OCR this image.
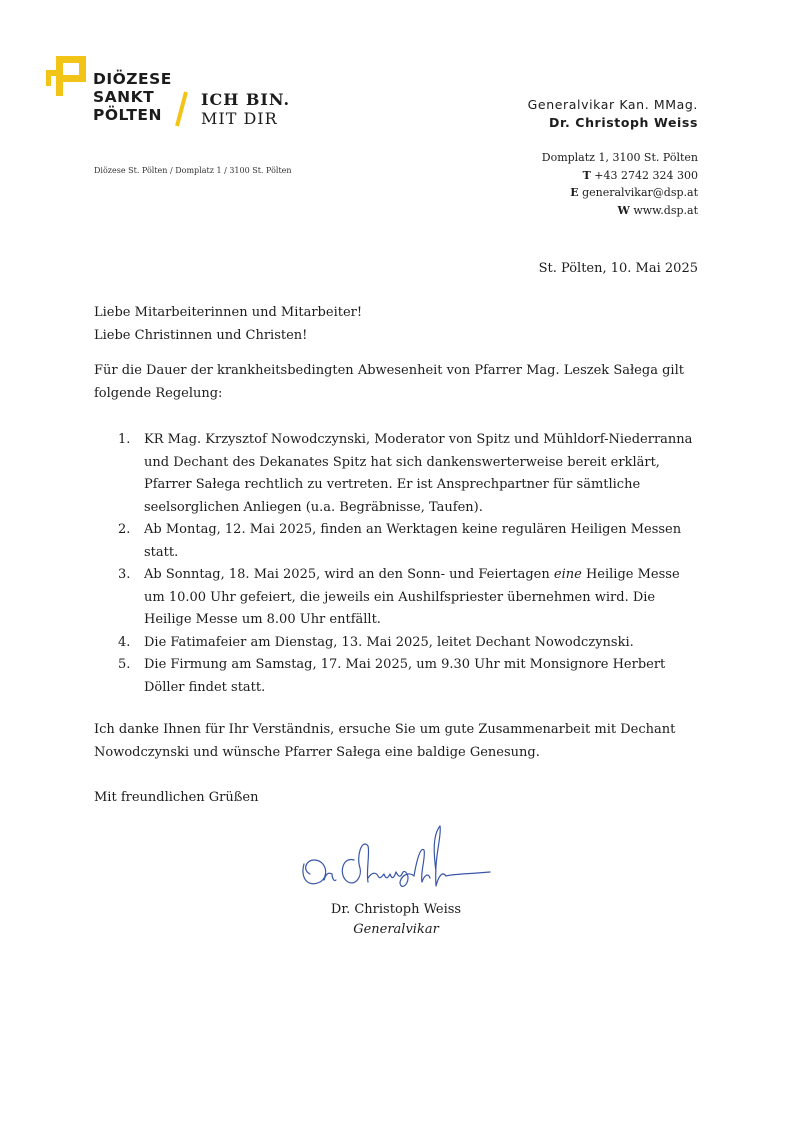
DIÖZESE
SANKT
PÖLTEN
ICH BIN.
MIT DIR
Diözese St. Pölten / Domplatz 1 / 3100 St. Pölten
Generalvikar Kan. MMag.
Dr. Christoph Weiss
Domplatz 1, 3100 St. Pölten
T +43 2742 324 300
E generalvikar@dsp.at
W www.dsp.at
St. Pölten, 10. Mai 2025
Liebe Mitarbeiterinnen und Mitarbeiter!
Liebe Christinnen und Christen!
Für die Dauer der krankheitsbedingten Abwesenheit von Pfarrer Mag. Leszek Sałega gilt folgende Regelung:
1. KR Mag. Krzysztof Nowodczynski, Moderator von Spitz und Mühldorf-Niederranna und Dechant des Dekanates Spitz hat sich dankenswerterweise bereit erklärt, Pfarrer Sałega rechtlich zu vertreten. Er ist Ansprechpartner für sämtliche seelsorglichen Anliegen (u.a. Begräbnisse, Taufen).
2. Ab Montag, 12. Mai 2025, finden an Werktagen keine regulären Heiligen Messen statt.
3. Ab Sonntag, 18. Mai 2025, wird an den Sonn- und Feiertagen eine Heilige Messe um 10.00 Uhr gefeiert, die jeweils ein Aushilfspriester übernehmen wird. Die Heilige Messe um 8.00 Uhr entfällt.
4. Die Fatimafeier am Dienstag, 13. Mai 2025, leitet Dechant Nowodczynski.
5. Die Firmung am Samstag, 17. Mai 2025, um 9.30 Uhr mit Monsignore Herbert Döller findet statt.
Ich danke Ihnen für Ihr Verständnis, ersuche Sie um gute Zusammenarbeit mit Dechant Nowodczynski und wünsche Pfarrer Sałega eine baldige Genesung.
Mit freundlichen Grüßen
Dr. Christoph Weiss
Generalvikar
